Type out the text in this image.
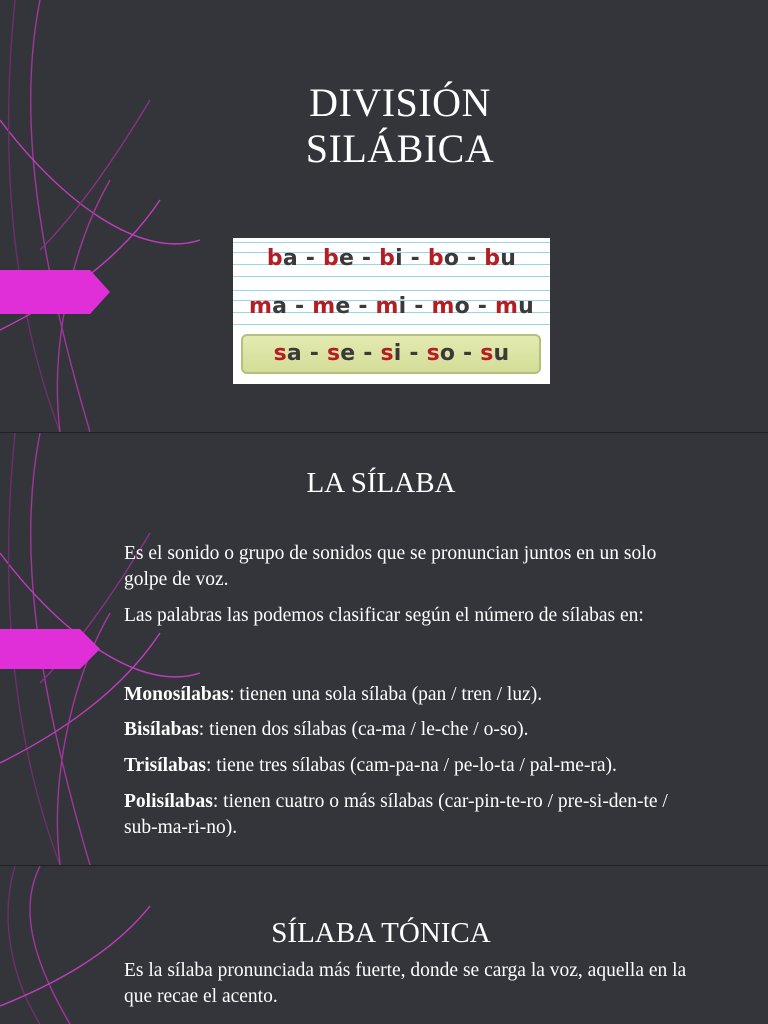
DIVISIÓN
SILÁBICA
ba - be - bi - bo - bu
ma - me - mi - mo - mu
sa - se - si - so - su
LA SÍLABA
Es el sonido o grupo de sonidos que se pronuncian juntos en un solo golpe de voz.
Las palabras las podemos clasificar según el número de sílabas en:
Monosílabas: tienen una sola sílaba (pan / tren / luz).
Bisílabas: tienen dos sílabas (ca-ma / le-che / o-so).
Trisílabas: tiene tres sílabas (cam-pa-na / pe-lo-ta / pal-me-ra).
Polisílabas: tienen cuatro o más sílabas (car-pin-te-ro / pre-si-den-te / sub-ma-ri-no).
SÍLABA TÓNICA
Es la sílaba pronunciada más fuerte, donde se carga la voz, aquella en la que recae el acento.
